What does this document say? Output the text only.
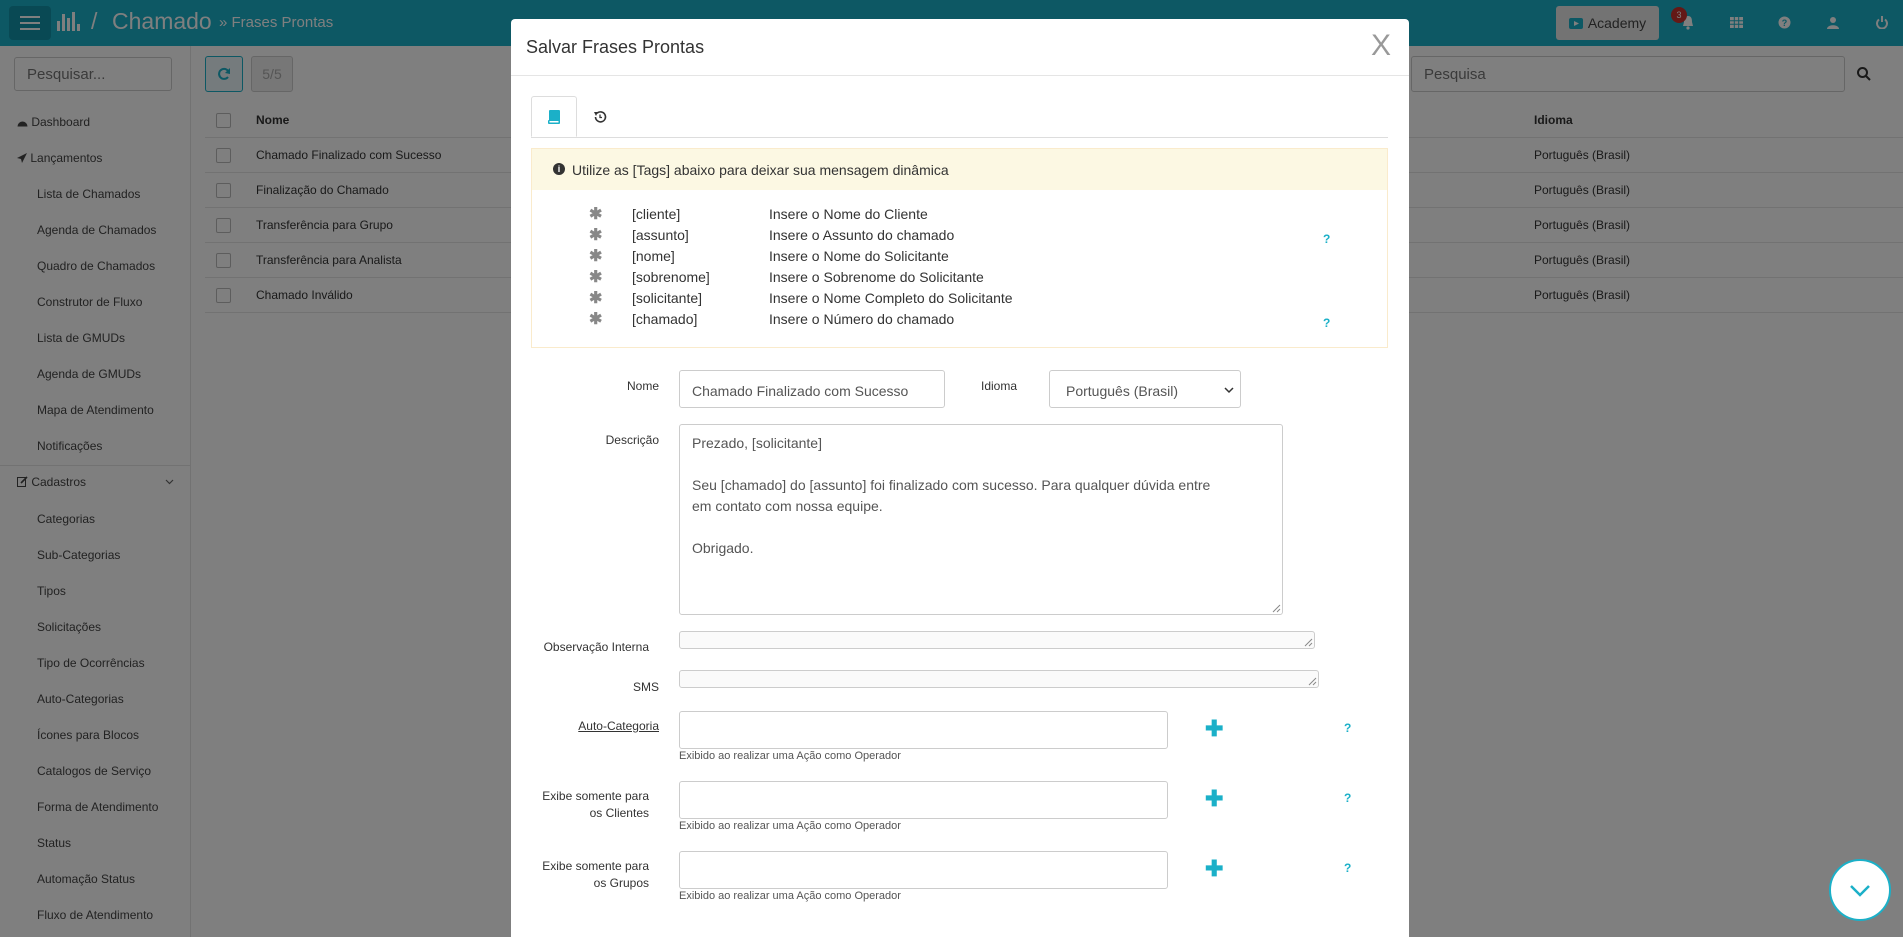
Pesquisar...
Pesquisa
Salvar Frases Prontas	X
i Utilize as [Tags] abaixo para deixar sua mensagem dinâmica
✱ [cliente]	Insere o Nome do Cliente
✱ [assunto]	Insere o Assunto do chamado
✱ [nome]	Insere o Nome do Solicitante
✱ [sobrenome]	Insere o Sobrenome do Solicitante
✱ [solicitante]	Insere o Nome Completo do Solicitante
✱ [chamado]	Insere o Número do chamado
?
?
Nome	Chamado Finalizado com Sucesso	Idioma	Português (Brasil)
Descrição Prezado, [solicitante]
Seu [chamado] do [assunto] foi finalizado com sucesso. Para qualquer dúvida entre
em contato com nossa equipe.
Obrigado.
Observação Interna
SMS
Auto-Categoria	✚	?
Exibido ao realizar uma Ação como Operador
Exibe somente para
os Clientes
✚	?
Exibido ao realizar uma Ação como Operador
Exibe somente para
os Grupos
✚	?
Exibido ao realizar uma Ação como Operador
